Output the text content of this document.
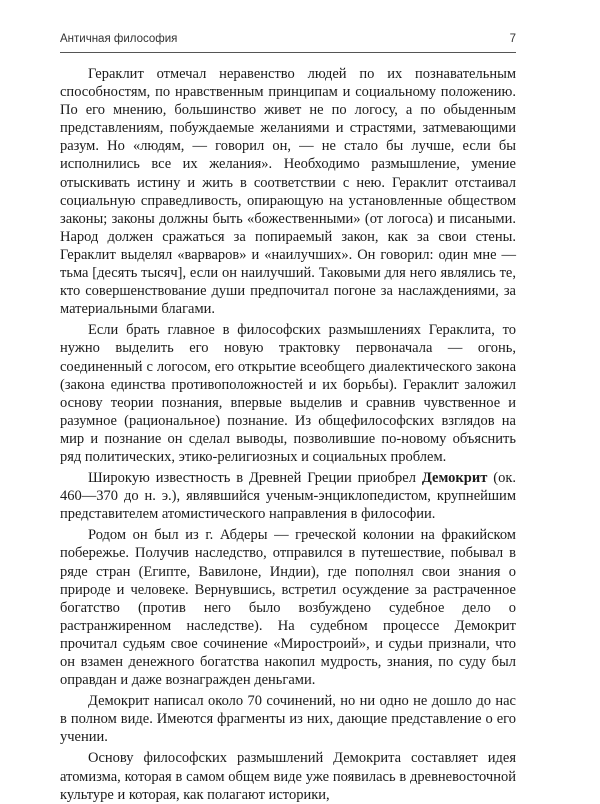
Античная философия	7

Гераклит отмечал неравенство людей по их познавательным способностям, по нравственным принципам и социальному положению. По его мнению, большинство живет не по логосу, а по обыденным представлениям, побуждаемые желаниями и страстями, затмевающими разум. Но «людям, — говорил он, — не стало бы лучше, если бы исполнились все их желания». Необходимо размышление, умение отыскивать истину и жить в соответствии с нею. Гераклит отстаивал социальную справедливость, опирающую на установленные обществом законы; законы должны быть «божественными» (от логоса) и писаными. Народ должен сражаться за попираемый закон, как за свои стены. Гераклит выделял «варваров» и «наилучших». Он говорил: один мне — тьма [десять тысяч], если он наилучший. Таковыми для него являлись те, кто совершенствование души предпочитал погоне за наслаждениями, за материальными благами.

Если брать главное в философских размышлениях Гераклита, то нужно выделить его новую трактовку первоначала — огонь, соединенный с логосом, его открытие всеобщего диалектического закона (закона единства противоположностей и их борьбы). Гераклит заложил основу теории познания, впервые выделив и сравнив чувственное и разумное (рациональное) познание. Из общефилософских взглядов на мир и познание он сделал выводы, позволившие по-новому объяснить ряд политических, этико-религиозных и социальных проблем.

Широкую известность в Древней Греции приобрел Демокрит (ок. 460—370 до н. э.), являвшийся ученым-энциклопедистом, крупнейшим представителем атомистического направления в философии.

Родом он был из г. Абдеры — греческой колонии на фракийском побережье. Получив наследство, отправился в путешествие, побывал в ряде стран (Египте, Вавилоне, Индии), где пополнял свои знания о природе и человеке. Вернувшись, встретил осуждение за растраченное богатство (против него было возбуждено судебное дело о растранжиренном наследстве). На судебном процессе Демокрит прочитал судьям свое сочинение «Миростроий», и судьи признали, что он взамен денежного богатства накопил мудрость, знания, по суду был оправдан и даже вознагражден деньгами.

Демокрит написал около 70 сочинений, но ни одно не дошло до нас в полном виде. Имеются фрагменты из них, дающие представление о его учении.

Основу философских размышлений Демокрита составляет идея атомизма, которая в самом общем виде уже появилась в древневосточной культуре и которая, как полагают историки,
